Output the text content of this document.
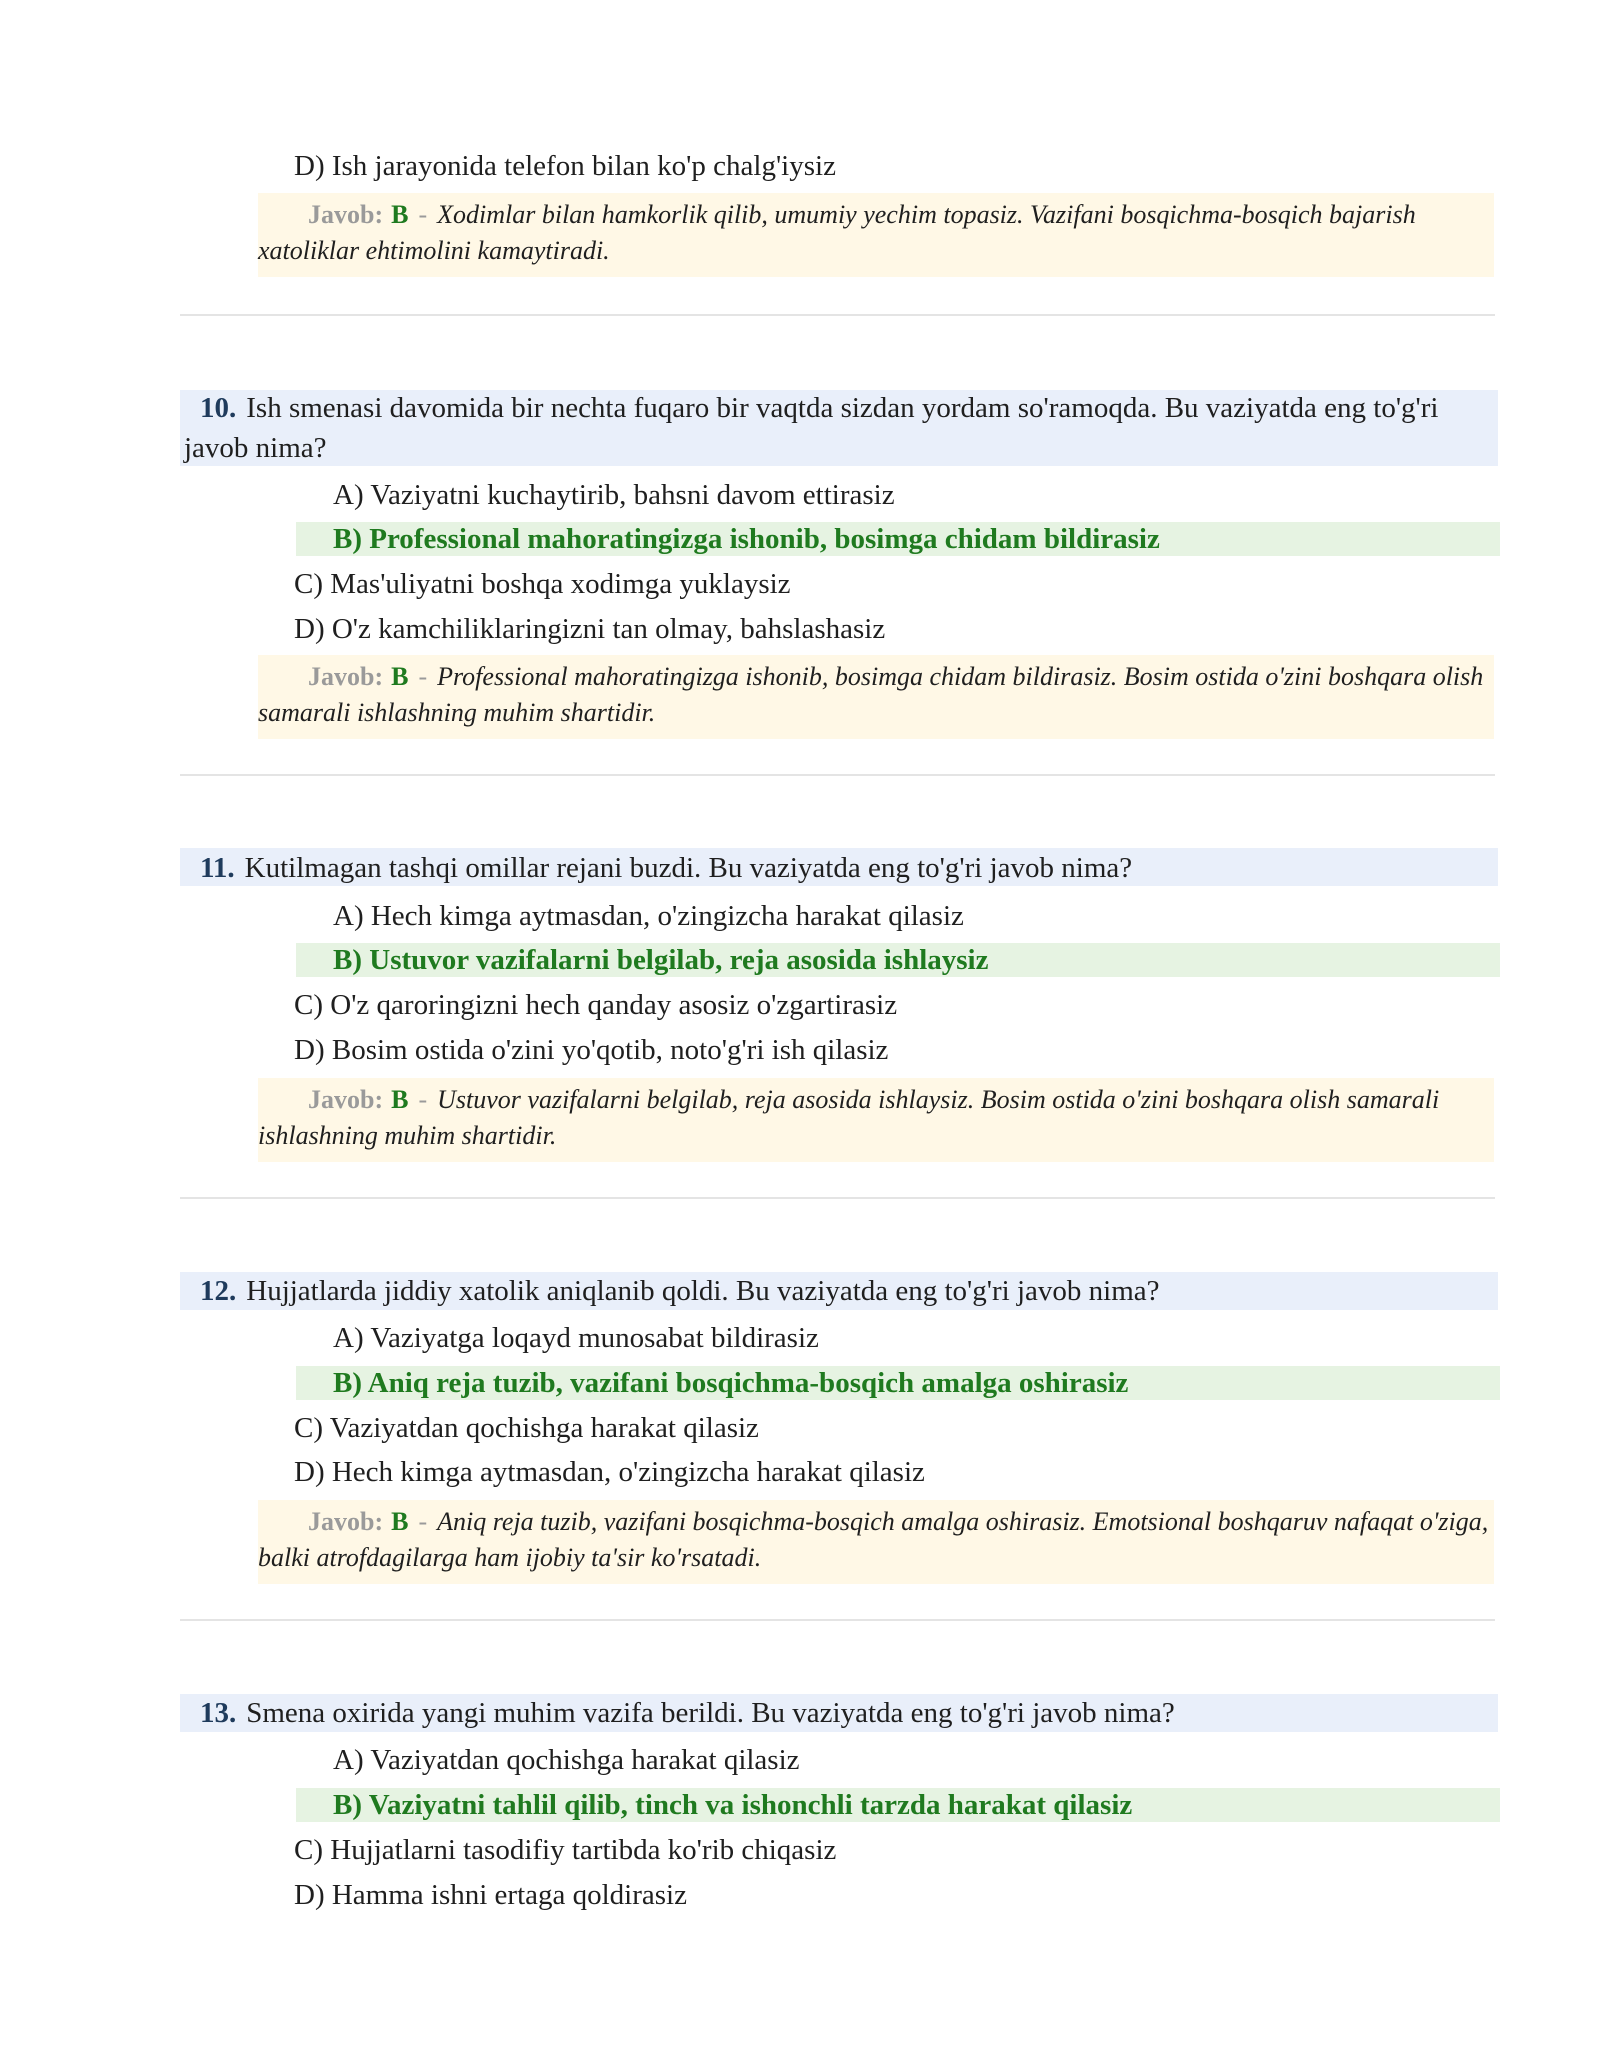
D) Ish jarayonida telefon bilan ko'p chalg'iysiz
Javob: B - Xodimlar bilan hamkorlik qilib, umumiy yechim topasiz. Vazifani bosqichma-bosqich bajarish xatoliklar ehtimolini kamaytiradi.
10. Ish smenasi davomida bir nechta fuqaro bir vaqtda sizdan yordam so'ramoqda. Bu vaziyatda eng to'g'ri javob nima?
A) Vaziyatni kuchaytirib, bahsni davom ettirasiz
B) Professional mahoratingizga ishonib, bosimga chidam bildirasiz
C) Mas'uliyatni boshqa xodimga yuklaysiz
D) O'z kamchiliklaringizni tan olmay, bahslashasiz
Javob: B - Professional mahoratingizga ishonib, bosimga chidam bildirasiz. Bosim ostida o'zini boshqara olish samarali ishlashning muhim shartidir.
11. Kutilmagan tashqi omillar rejani buzdi. Bu vaziyatda eng to'g'ri javob nima?
A) Hech kimga aytmasdan, o'zingizcha harakat qilasiz
B) Ustuvor vazifalarni belgilab, reja asosida ishlaysiz
C) O'z qaroringizni hech qanday asosiz o'zgartirasiz
D) Bosim ostida o'zini yo'qotib, noto'g'ri ish qilasiz
Javob: B - Ustuvor vazifalarni belgilab, reja asosida ishlaysiz. Bosim ostida o'zini boshqara olish samarali ishlashning muhim shartidir.
12. Hujjatlarda jiddiy xatolik aniqlanib qoldi. Bu vaziyatda eng to'g'ri javob nima?
A) Vaziyatga loqayd munosabat bildirasiz
B) Aniq reja tuzib, vazifani bosqichma-bosqich amalga oshirasiz
C) Vaziyatdan qochishga harakat qilasiz
D) Hech kimga aytmasdan, o'zingizcha harakat qilasiz
Javob: B - Aniq reja tuzib, vazifani bosqichma-bosqich amalga oshirasiz. Emotsional boshqaruv nafaqat o'ziga, balki atrofdagilarga ham ijobiy ta'sir ko'rsatadi.
13. Smena oxirida yangi muhim vazifa berildi. Bu vaziyatda eng to'g'ri javob nima?
A) Vaziyatdan qochishga harakat qilasiz
B) Vaziyatni tahlil qilib, tinch va ishonchli tarzda harakat qilasiz
C) Hujjatlarni tasodifiy tartibda ko'rib chiqasiz
D) Hamma ishni ertaga qoldirasiz
